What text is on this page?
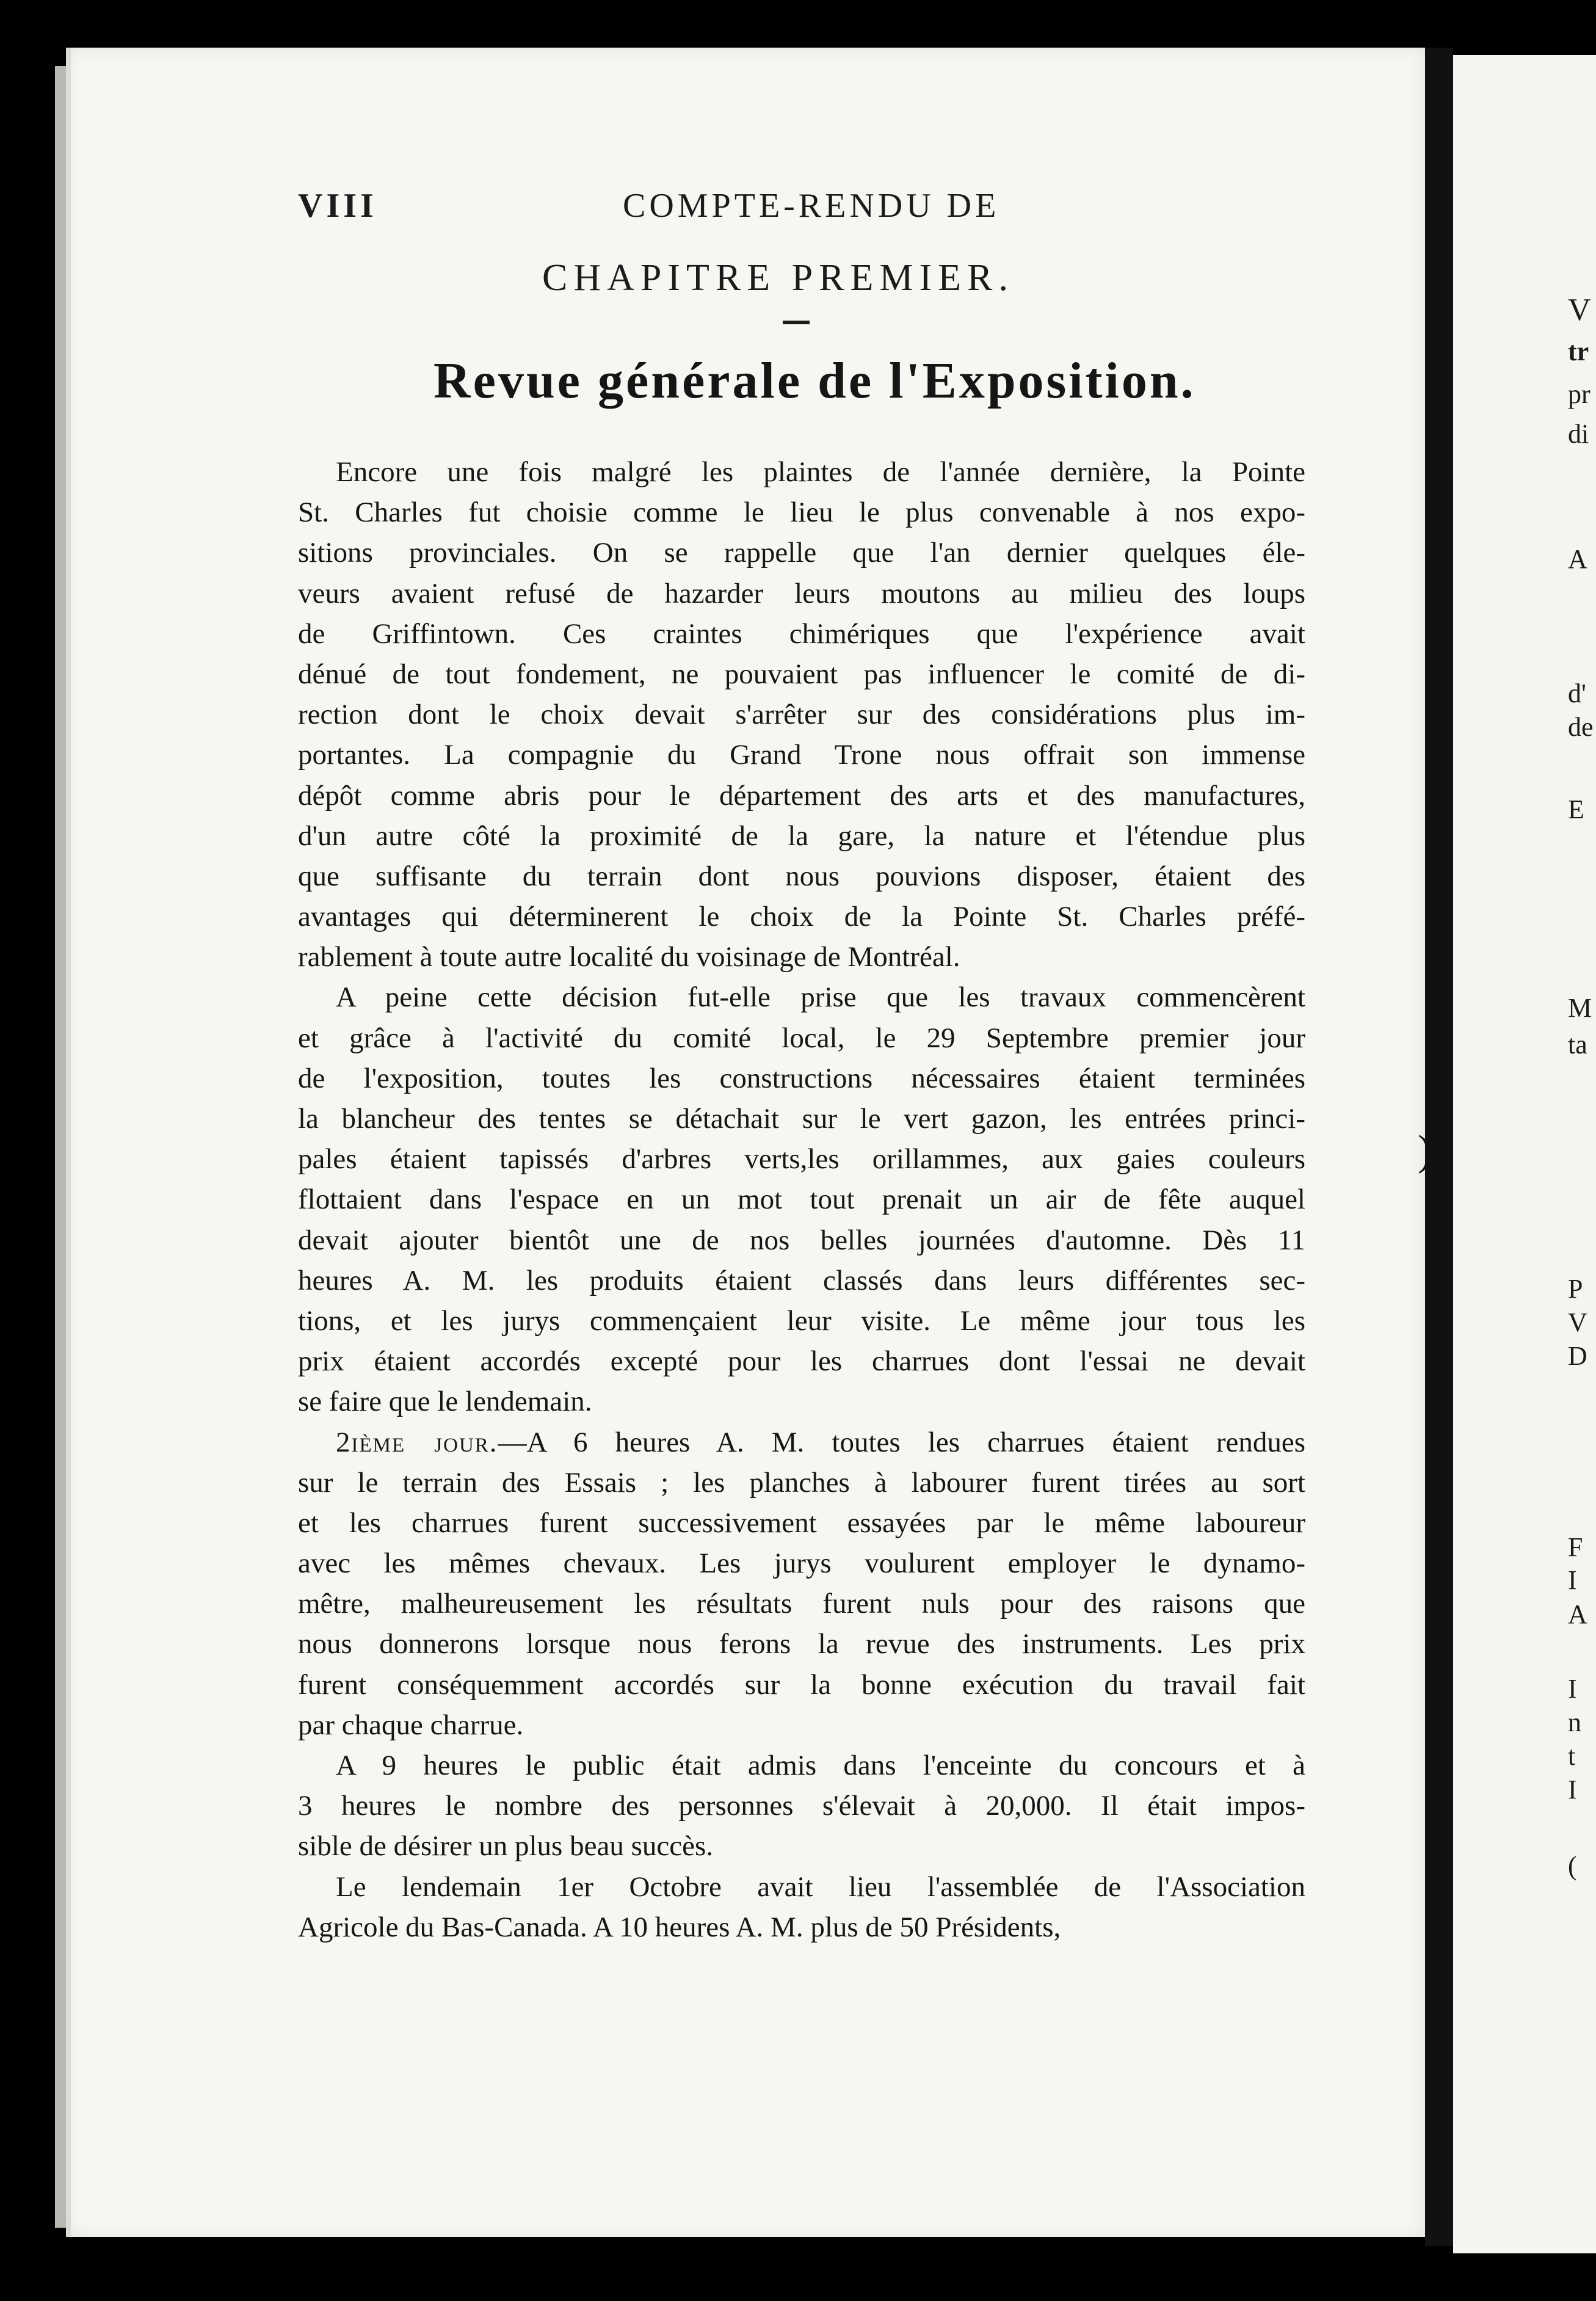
VIII	COMPTE-RENDU DE
CHAPITRE PREMIER.
Revue générale de l'Exposition.
Encore une fois malgré les plaintes de l'année dernière, la Pointe
St. Charles fut choisie comme le lieu le plus convenable à nos expo-
sitions provinciales. On se rappelle que l'an dernier quelques éle-
veurs avaient refusé de hazarder leurs moutons au milieu des loups
de Griffintown. Ces craintes chimériques que l'expérience avait
dénué de tout fondement, ne pouvaient pas influencer le comité de di-
rection dont le choix devait s'arrêter sur des considérations plus im-
portantes. La compagnie du Grand Trone nous offrait son immense
dépôt comme abris pour le département des arts et des manufactures,
d'un autre côté la proximité de la gare, la nature et l'étendue plus
que suffisante du terrain dont nous pouvions disposer, étaient des
avantages qui déterminerent le choix de la Pointe St. Charles préfé-
rablement à toute autre localité du voisinage de Montréal.
A peine cette décision fut-elle prise que les travaux commencèrent
et grâce à l'activité du comité local, le 29 Septembre premier jour
de l'exposition, toutes les constructions nécessaires étaient terminées
la blancheur des tentes se détachait sur le vert gazon, les entrées princi-
pales étaient tapissés d'arbres verts,les orillammes, aux gaies couleurs
flottaient dans l'espace en un mot tout prenait un air de fête auquel
devait ajouter bientôt une de nos belles journées d'automne. Dès 11
heures A. M. les produits étaient classés dans leurs différentes sec-
tions, et les jurys commençaient leur visite. Le même jour tous les
prix étaient accordés excepté pour les charrues dont l'essai ne devait
se faire que le lendemain.
2ième jour.—A 6 heures A. M. toutes les charrues étaient rendues
sur le terrain des Essais ; les planches à labourer furent tirées au sort
et les charrues furent successivement essayées par le même laboureur
avec les mêmes chevaux. Les jurys voulurent employer le dynamo-
mêtre, malheureusement les résultats furent nuls pour des raisons que
nous donnerons lorsque nous ferons la revue des instruments. Les prix
furent conséquemment accordés sur la bonne exécution du travail fait
par chaque charrue.
A 9 heures le public était admis dans l'enceinte du concours et à
3 heures le nombre des personnes s'élevait à 20,000. Il était impos-
sible de désirer un plus beau succès.
Le lendemain 1er Octobre avait lieu l'assemblée de l'Association
Agricole du Bas-Canada. A 10 heures A. M. plus de 50 Présidents,
)
V
tr
pr
di
A
d'
de
E
M
ta
P
V
D
F
I
A
I
n
t
I
(
